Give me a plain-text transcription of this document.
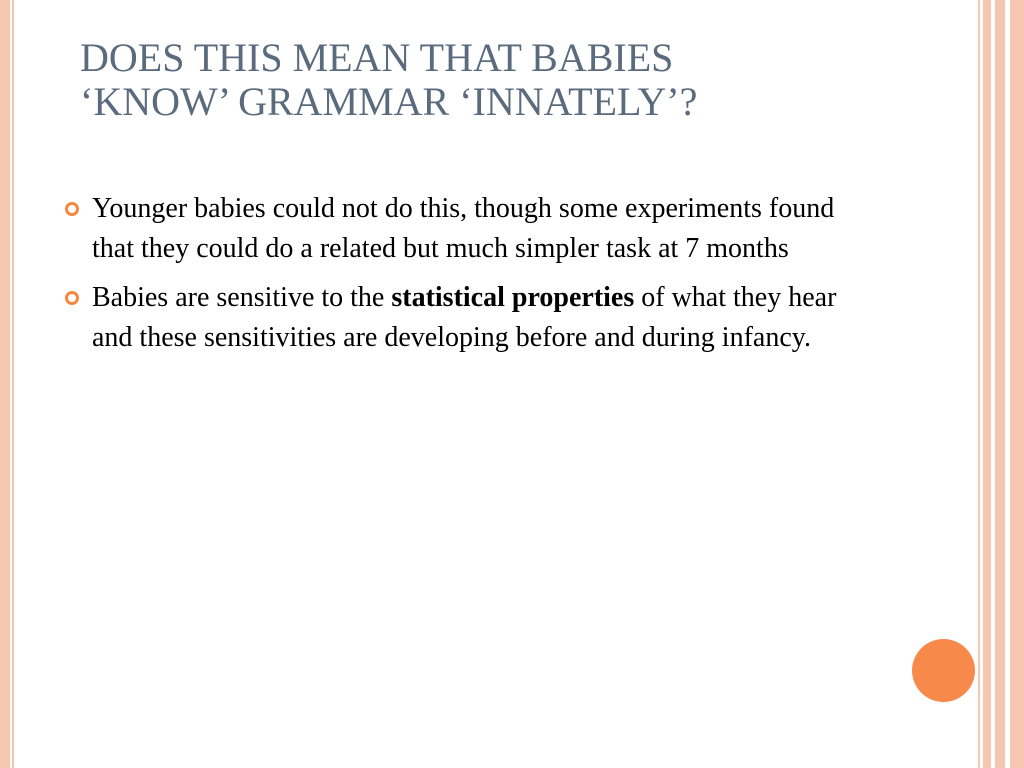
DOES THIS MEAN THAT BABIES
‘KNOW’ GRAMMAR ‘INNATELY’?
Younger babies could not do this, though some experiments found that they could do a related but much simpler task at 7 months
Babies are sensitive to the statistical properties of what they hear and these sensitivities are developing before and during infancy.
